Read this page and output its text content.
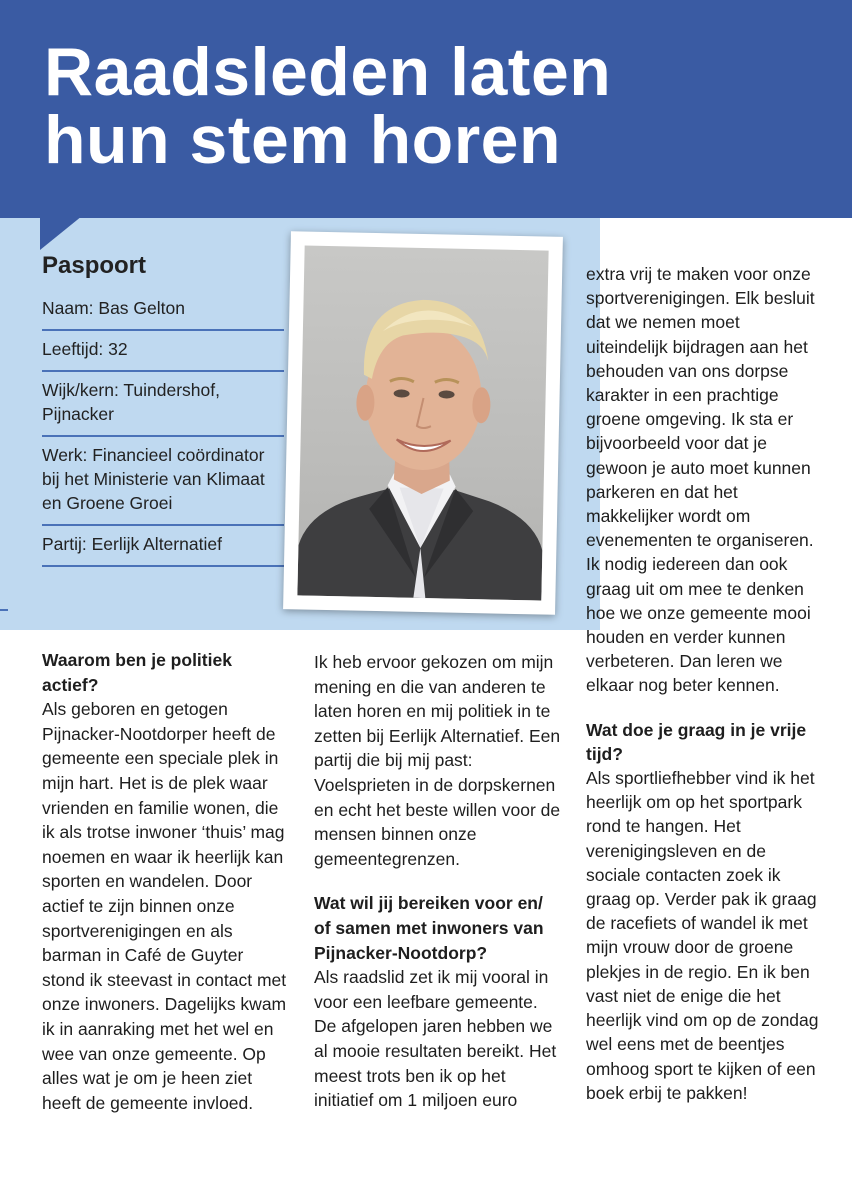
Raadsleden laten
hun stem horen
Paspoort
Naam: Bas Gelton
Leeftijd: 32
Wijk/kern: Tuindershof, Pijnacker
Werk: Financieel coördinator bij het Ministerie van Klimaat en Groene Groei
Partij: Eerlijk Alternatief

Waarom ben je politiek actief?

Als geboren en getogen Pijnacker-Nootdorper heeft de gemeente een speciale plek in mijn hart. Het is de plek waar vrienden en familie wonen, die ik als trotse inwoner ‘thuis’ mag noemen en waar ik heerlijk kan sporten en wandelen. Door actief te zijn binnen onze sportverenigingen en als barman in Café de Guyter stond ik steevast in contact met onze inwoners. Dagelijks kwam ik in aanraking met het wel en wee van onze gemeente. Op alles wat je om je heen ziet heeft de gemeente invloed.

Ik heb ervoor gekozen om mijn mening en die van anderen te laten horen en mij politiek in te zetten bij Eerlijk Alternatief. Een partij die bij mij past: Voelsprieten in de dorpskernen en echt het beste willen voor de mensen binnen onze gemeentegrenzen.

Wat wil jij bereiken voor en/ of samen met inwoners van Pijnacker-Nootdorp?

Als raadslid zet ik mij vooral in voor een leefbare gemeente. De afgelopen jaren hebben we al mooie resultaten bereikt. Het meest trots ben ik op het initiatief om 1 miljoen euro

extra vrij te maken voor onze sportverenigingen. Elk besluit dat we nemen moet uiteindelijk bijdragen aan het behouden van ons dorpse karakter in een prachtige groene omgeving. Ik sta er bijvoorbeeld voor dat je gewoon je auto moet kunnen parkeren en dat het makkelijker wordt om evenementen te organiseren. Ik nodig iedereen dan ook graag uit om mee te denken hoe we onze gemeente mooi houden en verder kunnen verbeteren. Dan leren we elkaar nog beter kennen.

Wat doe je graag in je vrije tijd?

Als sportliefhebber vind ik het heerlijk om op het sportpark rond te hangen. Het verenigingsleven en de sociale contacten zoek ik graag op. Verder pak ik graag de racefiets of wandel ik met mijn vrouw door de groene plekjes in de regio. En ik ben vast niet de enige die het heerlijk vind om op de zondag wel eens met de beentjes omhoog sport te kijken of een boek erbij te pakken!
